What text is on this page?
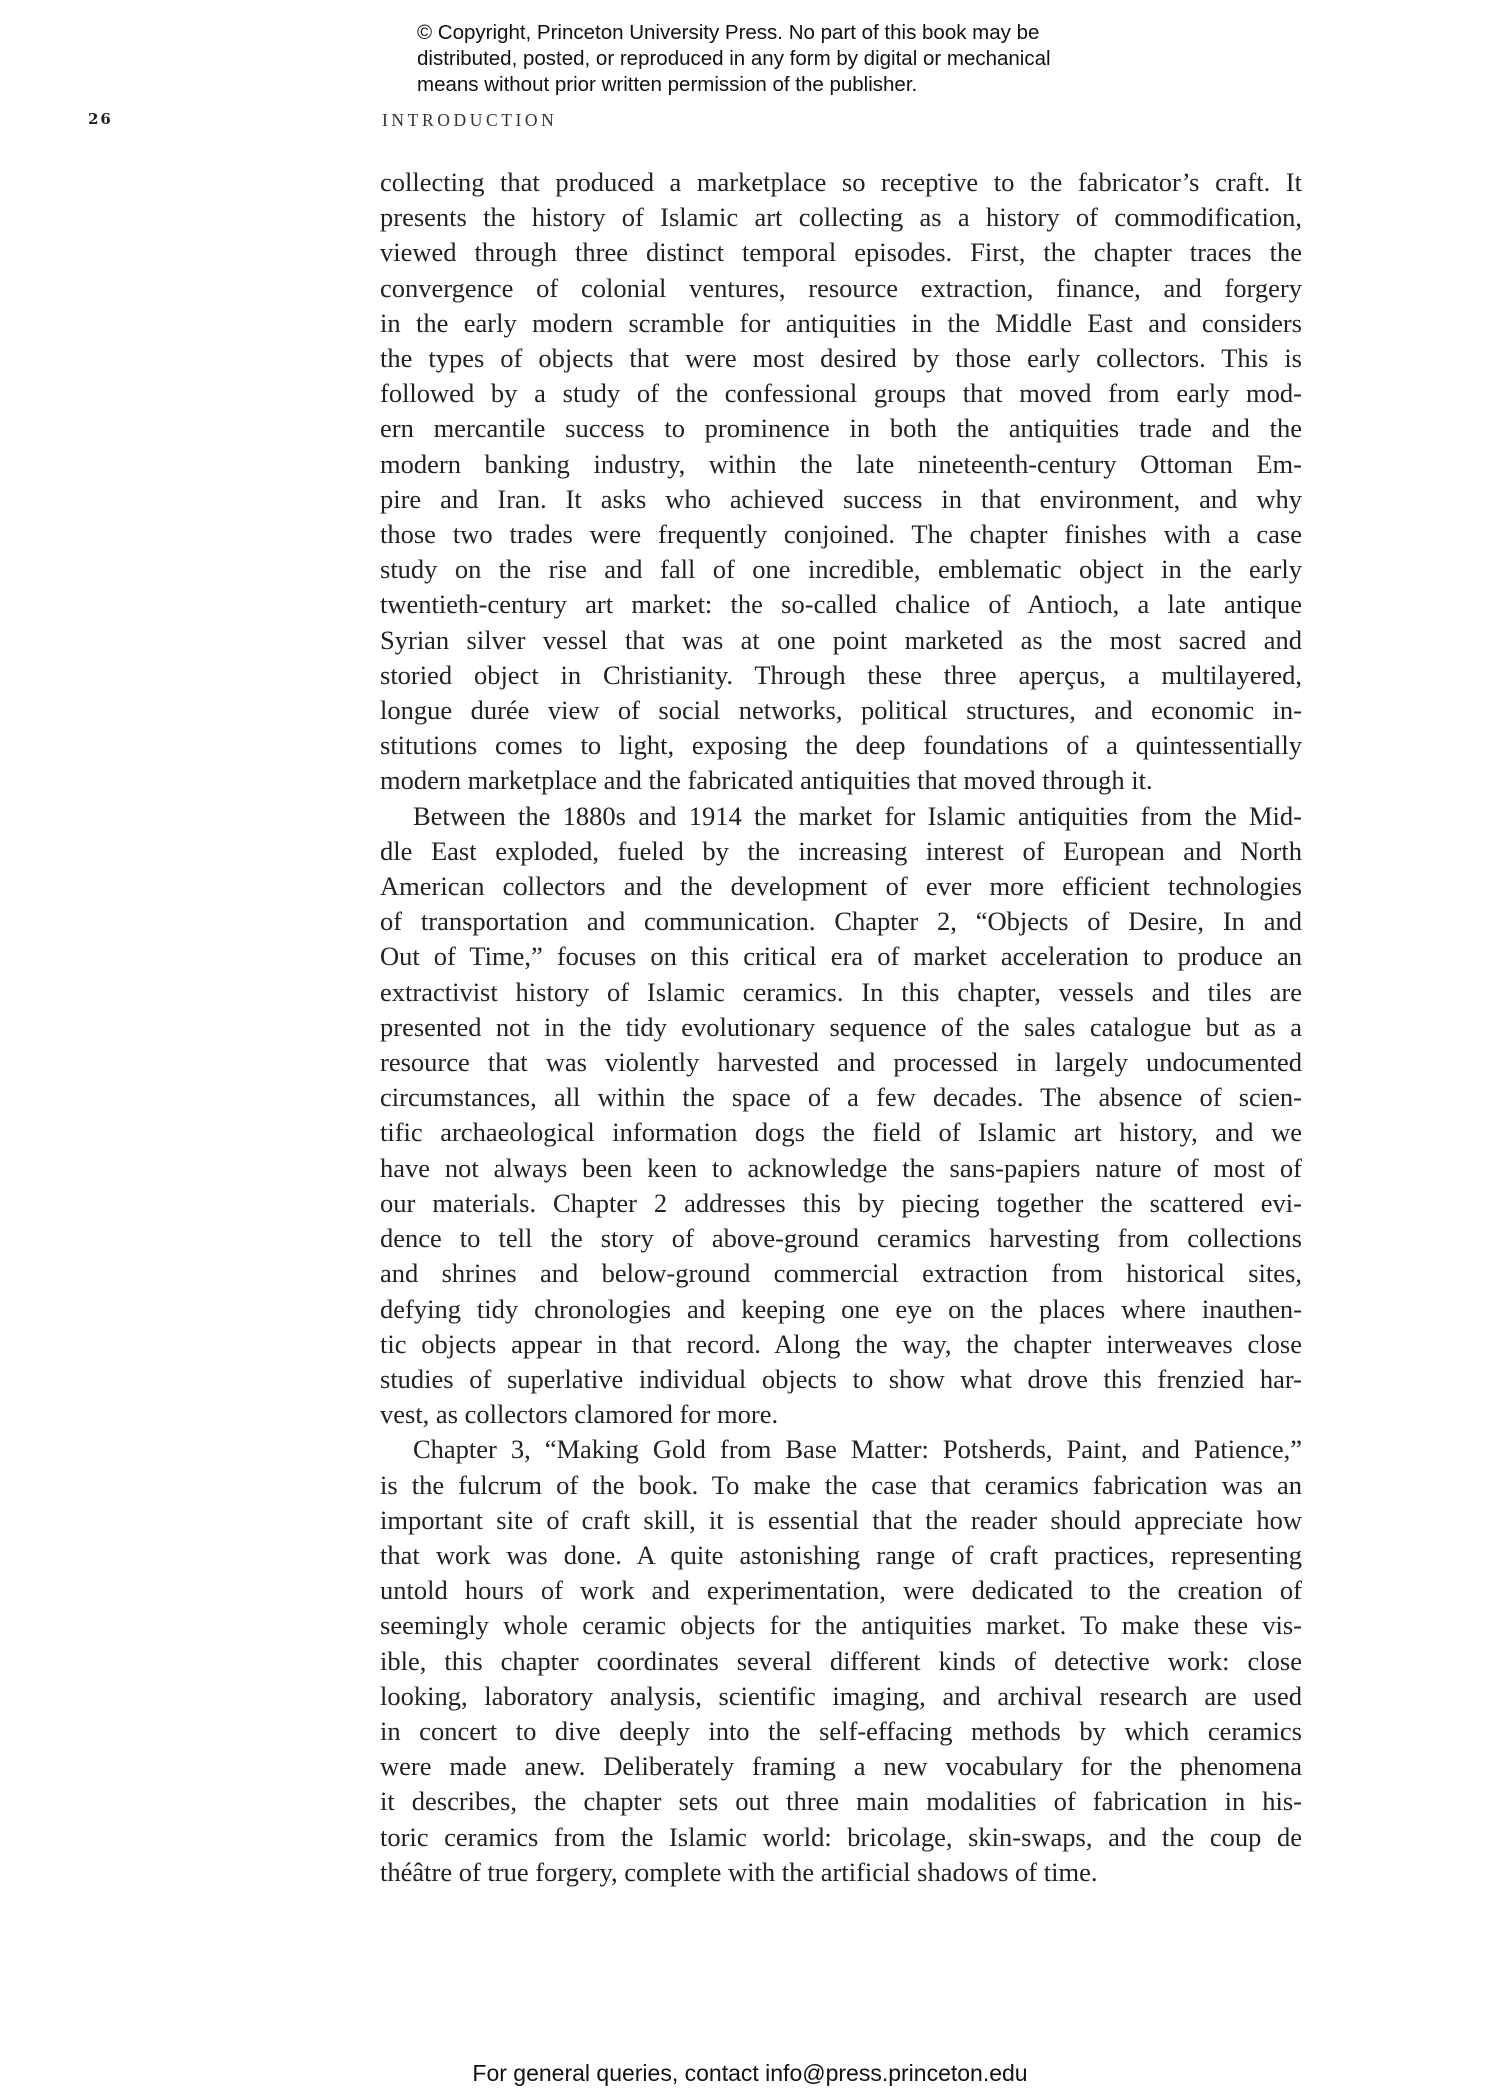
© Copyright, Princeton University Press. No part of this book may be
distributed, posted, or reproduced in any form by digital or mechanical
means without prior written permission of the publisher.
26	INTRODUCTION

collecting that produced a marketplace so receptive to the fabricator’s craft. It
presents the history of Islamic art collecting as a history of commodification,
viewed through three distinct temporal episodes. First, the chapter traces the
convergence of colonial ventures, resource extraction, finance, and forgery
in the early modern scramble for antiquities in the Middle East and considers
the types of objects that were most desired by those early collectors. This is
followed by a study of the confessional groups that moved from early mod-
ern mercantile success to prominence in both the antiquities trade and the
modern banking industry, within the late nineteenth-century Ottoman Em-
pire and Iran. It asks who achieved success in that environment, and why
those two trades were frequently conjoined. The chapter finishes with a case
study on the rise and fall of one incredible, emblematic object in the early
twentieth-century art market: the so-called chalice of Antioch, a late antique
Syrian silver vessel that was at one point marketed as the most sacred and
storied object in Christianity. Through these three aperçus, a multilayered,
longue durée view of social networks, political structures, and economic in-
stitutions comes to light, exposing the deep foundations of a quintessentially
modern marketplace and the fabricated antiquities that moved through it.

Between the 1880s and 1914 the market for Islamic antiquities from the Mid-
dle East exploded, fueled by the increasing interest of European and North
American collectors and the development of ever more efficient technologies
of transportation and communication. Chapter 2, “Objects of Desire, In and
Out of Time,” focuses on this critical era of market acceleration to produce an
extractivist history of Islamic ceramics. In this chapter, vessels and tiles are
presented not in the tidy evolutionary sequence of the sales catalogue but as a
resource that was violently harvested and processed in largely undocumented
circumstances, all within the space of a few decades. The absence of scien-
tific archaeological information dogs the field of Islamic art history, and we
have not always been keen to acknowledge the sans-papiers nature of most of
our materials. Chapter 2 addresses this by piecing together the scattered evi-
dence to tell the story of above-ground ceramics harvesting from collections
and shrines and below-ground commercial extraction from historical sites,
defying tidy chronologies and keeping one eye on the places where inauthen-
tic objects appear in that record. Along the way, the chapter interweaves close
studies of superlative individual objects to show what drove this frenzied har-
vest, as collectors clamored for more.

Chapter 3, “Making Gold from Base Matter: Potsherds, Paint, and Patience,”
is the fulcrum of the book. To make the case that ceramics fabrication was an
important site of craft skill, it is essential that the reader should appreciate how
that work was done. A quite astonishing range of craft practices, representing
untold hours of work and experimentation, were dedicated to the creation of
seemingly whole ceramic objects for the antiquities market. To make these vis-
ible, this chapter coordinates several different kinds of detective work: close
looking, laboratory analysis, scientific imaging, and archival research are used
in concert to dive deeply into the self-effacing methods by which ceramics
were made anew. Deliberately framing a new vocabulary for the phenomena
it describes, the chapter sets out three main modalities of fabrication in his-
toric ceramics from the Islamic world: bricolage, skin-swaps, and the coup de
théâtre of true forgery, complete with the artificial shadows of time.

For general queries, contact info@press.princeton.edu
